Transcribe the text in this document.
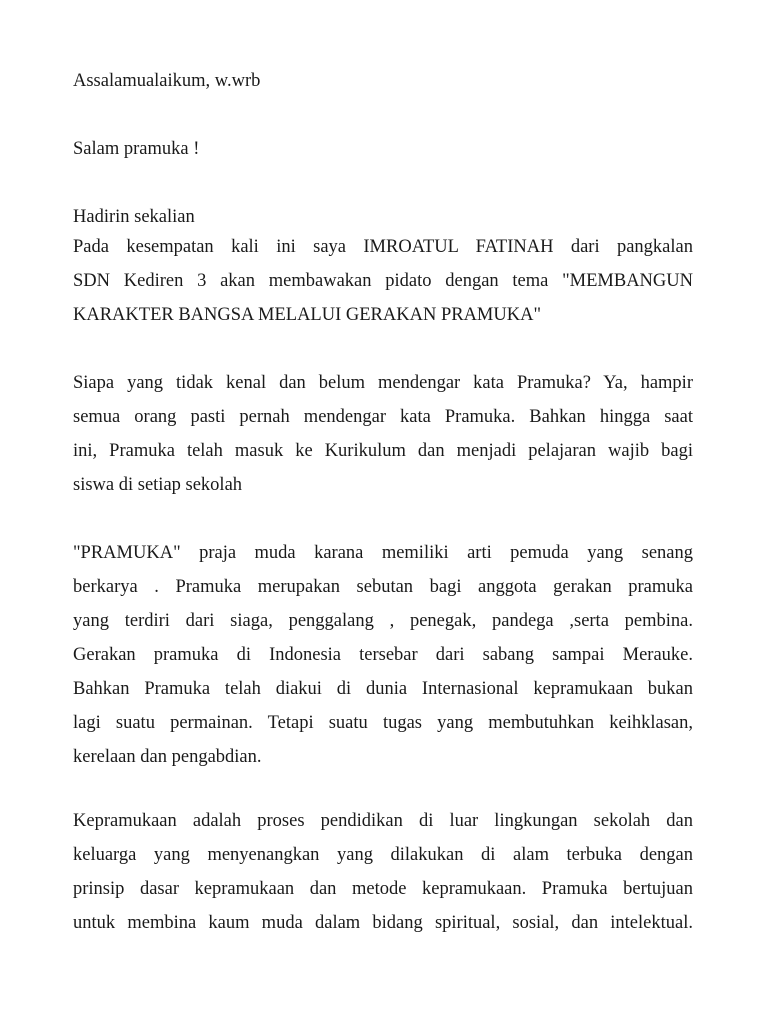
Assalamualaikum, w.wrb
Salam pramuka !
Hadirin sekalian
Pada kesempatan kali ini saya IMROATUL FATINAH dari pangkalan
SDN Kediren 3 akan membawakan pidato dengan tema "MEMBANGUN
KARAKTER BANGSA MELALUI GERAKAN PRAMUKA"
Siapa yang tidak kenal dan belum mendengar kata Pramuka? Ya, hampir
semua orang pasti pernah mendengar kata Pramuka. Bahkan hingga saat
ini, Pramuka telah masuk ke Kurikulum dan menjadi pelajaran wajib bagi
siswa di setiap sekolah
"PRAMUKA" praja muda karana memiliki arti pemuda yang senang
berkarya . Pramuka merupakan sebutan bagi anggota gerakan pramuka
yang terdiri dari siaga, penggalang , penegak, pandega ,serta pembina.
Gerakan pramuka di Indonesia tersebar dari sabang sampai Merauke.
Bahkan Pramuka telah diakui di dunia Internasional kepramukaan bukan
lagi suatu permainan. Tetapi suatu tugas yang membutuhkan keihklasan,
kerelaan dan pengabdian.
Kepramukaan adalah proses pendidikan di luar lingkungan sekolah dan
keluarga yang menyenangkan yang dilakukan di alam terbuka dengan
prinsip dasar kepramukaan dan metode kepramukaan. Pramuka bertujuan
untuk membina kaum muda dalam bidang spiritual, sosial, dan intelektual.
